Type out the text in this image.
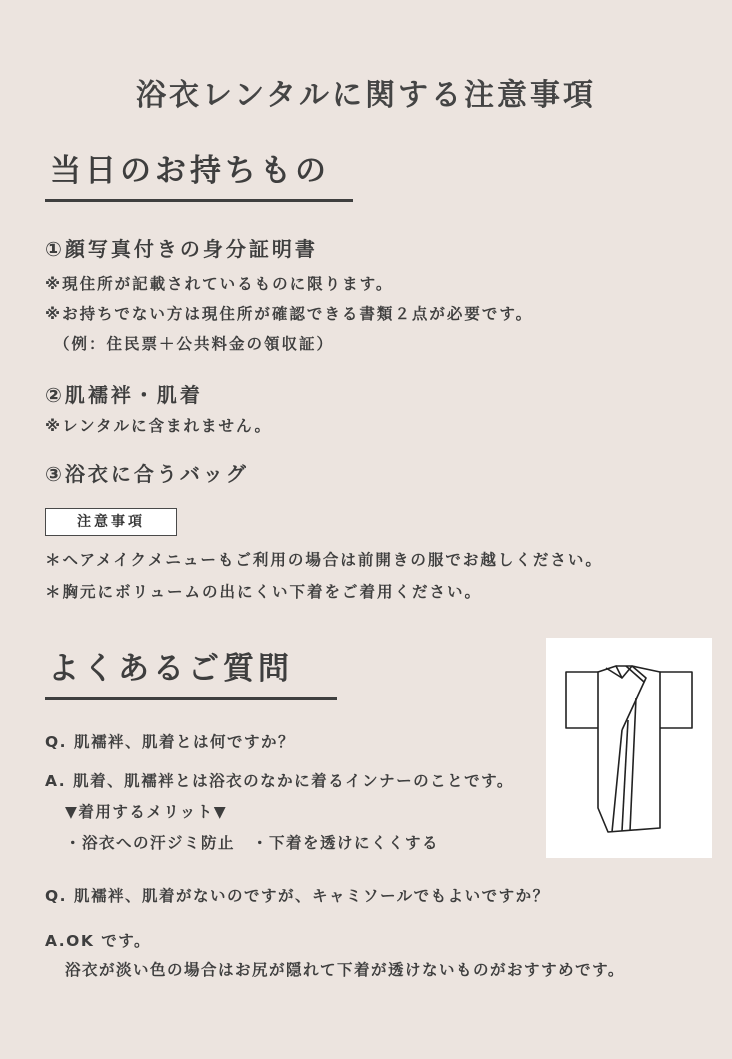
浴衣レンタルに関する注意事項
当日のお持ちもの
①顔写真付きの身分証明書
※現住所が記載されているものに限ります。
※お持ちでない方は現住所が確認できる書類２点が必要です。
（例：住民票＋公共料金の領収証）
②肌襦袢・肌着
※レンタルに含まれません。
③浴衣に合うバッグ
注意事項
＊ヘアメイクメニューもご利用の場合は前開きの服でお越しください。
＊胸元にボリュームの出にくい下着をご着用ください。
よくあるご質問
Q. 肌襦袢、肌着とは何ですか？
A. 肌着、肌襦袢とは浴衣のなかに着るインナーのことです。
▼着用するメリット▼
・浴衣への汗ジミ防止　・下着を透けにくくする
Q. 肌襦袢、肌着がないのですが、キャミソールでもよいですか？
A.OK です。
浴衣が淡い色の場合はお尻が隠れて下着が透けないものがおすすめです。
